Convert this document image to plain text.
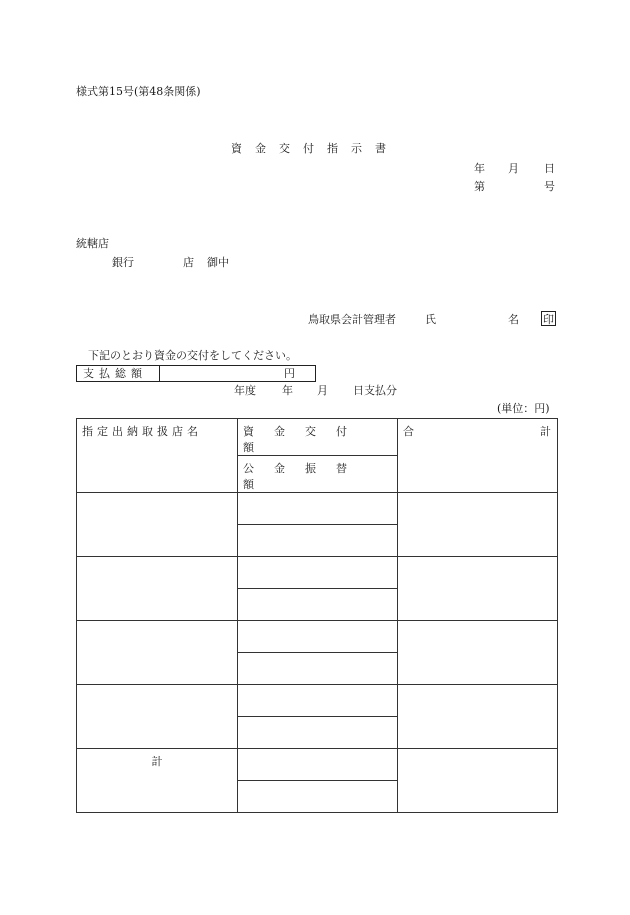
様式第15号(第48条関係)
資金交付指示書
年 月 日
第	号
統轄店
銀行	店 御中
鳥取県会計管理者	氏	名 印
下記のとおり資金の交付をしてください。
支払総額	円
年度 年 月 日支払分
(単位：円)
指定出納取扱店名	資金交付額	合 計

	公金振替額	

計		
